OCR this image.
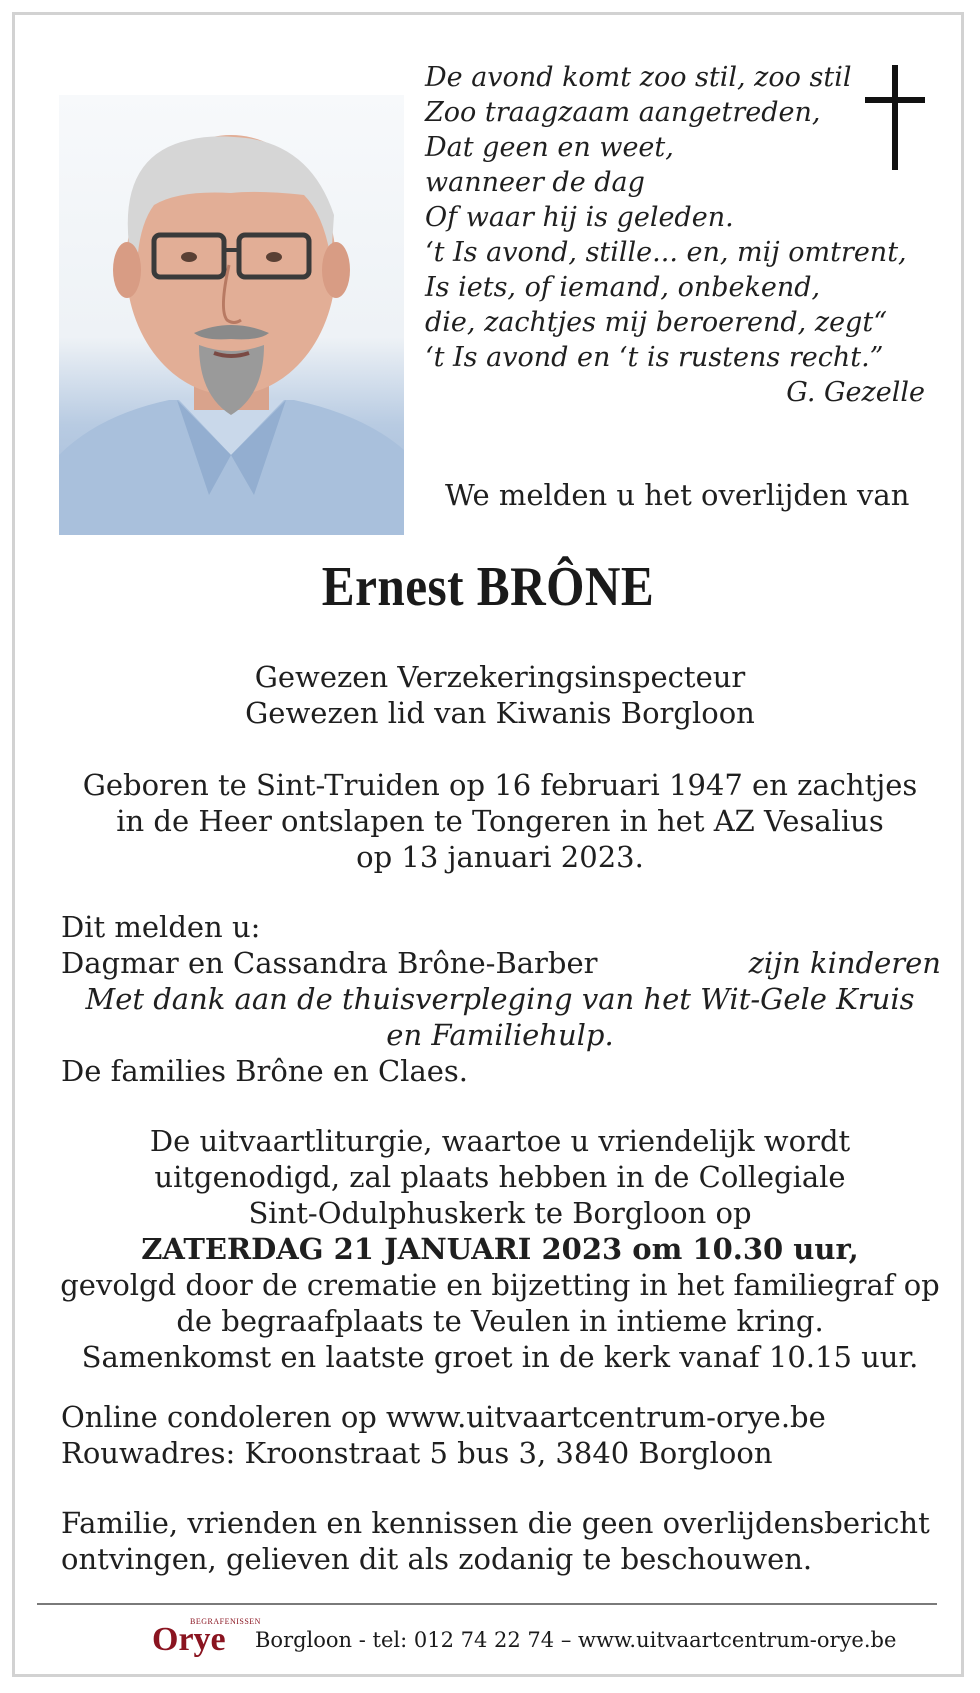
De avond komt zoo stil, zoo stil
Zoo traagzaam aangetreden,
Dat geen en weet,
wanneer de dag
Of waar hij is geleden.
‘t Is avond, stille... en, mij omtrent,
Is iets, of iemand, onbekend,
die, zachtjes mij beroerend, zegt“
‘t Is avond en ‘t is rustens recht.”
G. Gezelle
We melden u het overlijden van
Ernest BRÔNE
Gewezen Verzekeringsinspecteur
Gewezen lid van Kiwanis Borgloon
Geboren te Sint-Truiden op 16 februari 1947 en zachtjes
in de Heer ontslapen te Tongeren in het AZ Vesalius
op 13 januari 2023.
Dit melden u:
Dagmar en Cassandra Brône-Barber	zijn kinderen
Met dank aan de thuisverpleging van het Wit-Gele Kruis
en Familiehulp.
De families Brône en Claes.
De uitvaartliturgie, waartoe u vriendelijk wordt
uitgenodigd, zal plaats hebben in de Collegiale
Sint-Odulphuskerk te Borgloon op
ZATERDAG 21 JANUARI 2023 om 10.30 uur,
gevolgd door de crematie en bijzetting in het familiegraf op
de begraafplaats te Veulen in intieme kring.
Samenkomst en laatste groet in de kerk vanaf 10.15 uur.
Online condoleren op www.uitvaartcentrum-orye.be
Rouwadres: Kroonstraat 5 bus 3, 3840 Borgloon
Familie, vrienden en kennissen die geen overlijdensbericht
ontvingen, gelieven dit als zodanig te beschouwen.
BEGRAFENISSEN
Orye Borgloon - tel: 012 74 22 74 – www.uitvaartcentrum-orye.be
